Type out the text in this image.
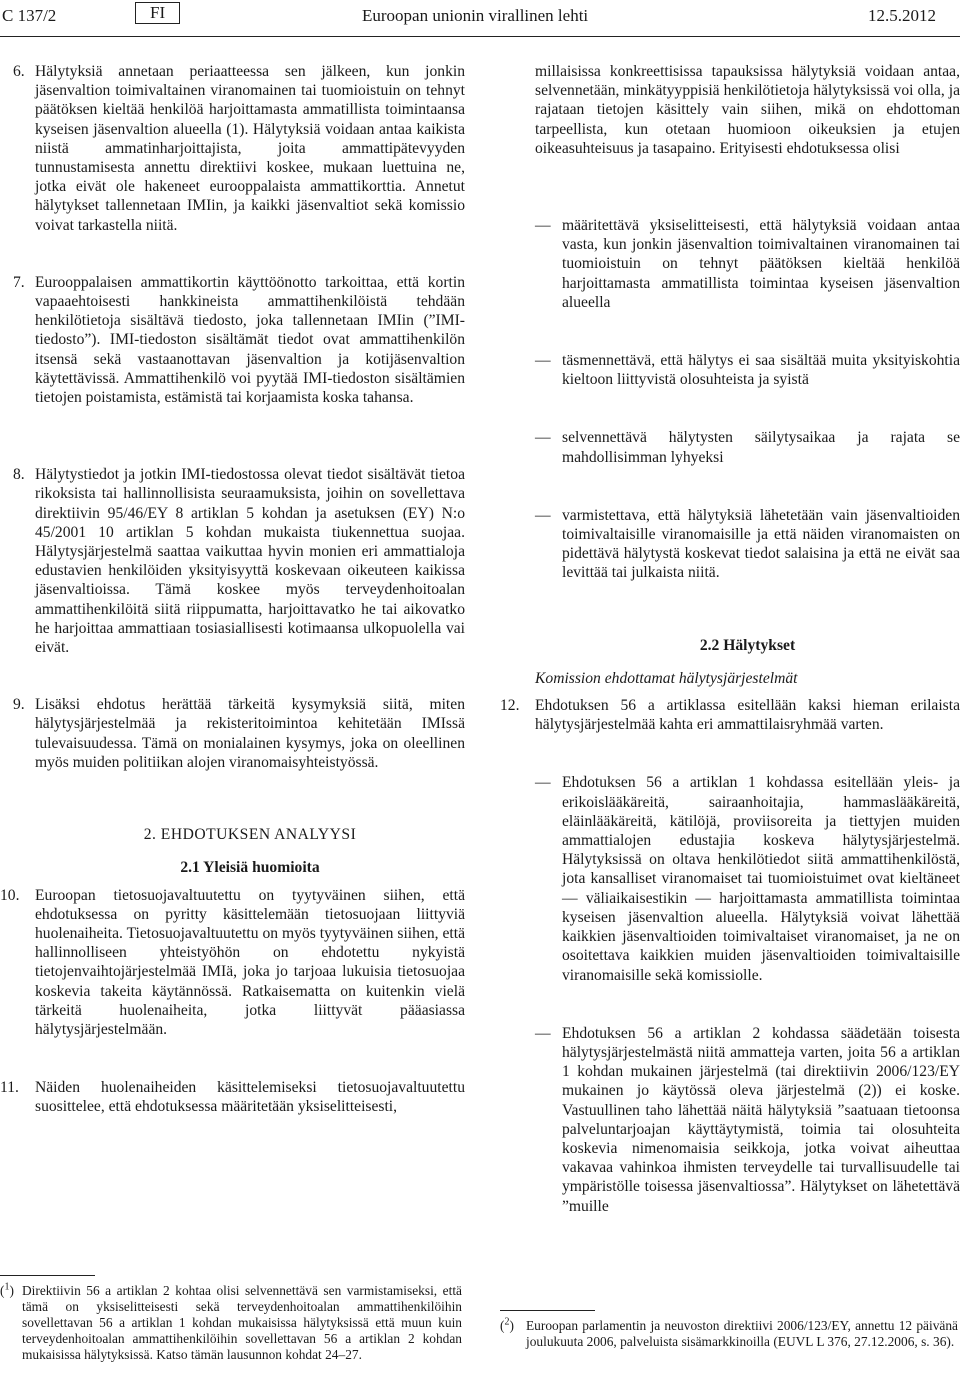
C 137/2	FI	Euroopan unionin virallinen lehti	12.5.2012
6. Hälytyksiä annetaan periaatteessa sen jälkeen, kun jonkin jäsenvaltion toimivaltainen viranomainen tai tuomioistuin on tehnyt päätöksen kieltää henkilöä harjoittamasta ammatillista toimintaansa kyseisen jäsenvaltion alueella (1). Hälytyksiä voidaan antaa kaikista niistä ammatinharjoittajista, joita ammattipätevyyden tunnustamisesta annettu direktiivi koskee, mukaan luettuina ne, jotka eivät ole hakeneet eurooppalaista ammattikorttia. Annetut hälytykset tallennetaan IMIin, ja kaikki jäsenvaltiot sekä komissio voivat tarkastella niitä.
7. Eurooppalaisen ammattikortin käyttöönotto tarkoittaa, että kortin vapaaehtoisesti hankkineista ammattihenkilöistä tehdään henkilötietoja sisältävä tiedosto, joka tallennetaan IMIin (”IMI-tiedosto”). IMI-tiedoston sisältämät tiedot ovat ammattihenkilön itsensä sekä vastaanottavan jäsenvaltion ja kotijäsenvaltion käytettävissä. Ammattihenkilö voi pyytää IMI-tiedoston sisältämien tietojen poistamista, estämistä tai korjaamista koska tahansa.
8. Hälytystiedot ja jotkin IMI-tiedostossa olevat tiedot sisältävät tietoa rikoksista tai hallinnollisista seuraamuksista, joihin on sovellettava direktiivin 95/46/EY 8 artiklan 5 kohdan ja asetuksen (EY) N:o 45/2001 10 artiklan 5 kohdan mukaista tiukennettua suojaa. Hälytysjärjestelmä saattaa vaikuttaa hyvin monien eri ammattialoja edustavien henkilöiden yksityisyyttä koskevaan oikeuteen kaikissa jäsenvaltioissa. Tämä koskee myös terveydenhoitoalan ammattihenkilöitä siitä riippumatta, harjoittavatko he tai aikovatko he harjoittaa ammattiaan tosiasiallisesti kotimaansa ulkopuolella vai eivät.
9. Lisäksi ehdotus herättää tärkeitä kysymyksiä siitä, miten hälytysjärjestelmää ja rekisteritoimintoa kehitetään IMIssä tulevaisuudessa. Tämä on monialainen kysymys, joka on oleellinen myös muiden politiikan alojen viranomaisyhteistyössä.

2. EHDOTUKSEN ANALYYSI

2.1 Yleisiä huomioita

10. Euroopan tietosuojavaltuutettu on tyytyväinen siihen, että ehdotuksessa on pyritty käsittelemään tietosuojaan liittyviä huolenaiheita. Tietosuojavaltuutettu on myös tyytyväinen siihen, että hallinnolliseen yhteistyöhön on ehdotettu nykyistä tietojenvaihtojärjestelmää IMIä, joka jo tarjoaa lukuisia tietosuojaa koskevia takeita käytännössä. Ratkaisematta on kuitenkin vielä tärkeitä huolenaiheita, jotka liittyvät pääasiassa hälytysjärjestelmään.
11. Näiden huolenaiheiden käsittelemiseksi tietosuojavaltuutettu suosittelee, että ehdotuksessa määritetään yksiselitteisesti,
($^1$) Direktiivin 56 a artiklan 2 kohtaa olisi selvennettävä sen varmistamiseksi, että tämä on yksiselitteisesti sekä terveydenhoitoalan ammattihenkilöihin sovellettavan 56 a artiklan 1 kohdan mukaisissa hälytyksissä että muun kuin terveydenhoitoalan ammattihenkilöihin sovellettavan 56 a artiklan 2 kohdan mukaisissa hälytyksissä. Katso tämän lausunnon kohdat 24–27.

millaisissa konkreettisissa tapauksissa hälytyksiä voidaan antaa, selvennetään, minkätyyppisiä henkilötietoja hälytyksissä voi olla, ja rajataan tietojen käsittely vain siihen, mikä on ehdottoman tarpeellista, kun otetaan huomioon oikeuksien ja etujen oikeasuhteisuus ja tasapaino. Erityisesti ehdotuksessa olisi

— määritettävä yksiselitteisesti, että hälytyksiä voidaan antaa vasta, kun jonkin jäsenvaltion toimivaltainen viranomainen tai tuomioistuin on tehnyt päätöksen kieltää henkilöä harjoittamasta ammatillista toimintaa kyseisen jäsenvaltion alueella
— täsmennettävä, että hälytys ei saa sisältää muita yksityiskohtia kieltoon liittyvistä olosuhteista ja syistä
— selvennettävä hälytysten säilytysaikaa ja rajata se mahdollisimman lyhyeksi
— varmistettava, että hälytyksiä lähetetään vain jäsenvaltioiden toimivaltaisille viranomaisille ja että näiden viranomaisten on pidettävä hälytystä koskevat tiedot salaisina ja että ne eivät saa levittää tai julkaista niitä.

2.2 Hälytykset

Komission ehdottamat hälytysjärjestelmät

12. Ehdotuksen 56 a artiklassa esitellään kaksi hieman erilaista hälytysjärjestelmää kahta eri ammattilaisryhmää varten.
— Ehdotuksen 56 a artiklan 1 kohdassa esitellään yleis- ja erikoislääkäreitä, sairaanhoitajia, hammaslääkäreitä, eläinlääkäreitä, kätilöjä, proviisoreita ja tiettyjen muiden ammattialojen edustajia koskeva hälytysjärjestelmä. Hälytyksissä on oltava henkilötiedot siitä ammattihenkilöstä, jota kansalliset viranomaiset tai tuomioistuimet ovat kieltäneet — väliaikaisestikin — harjoittamasta ammatillista toimintaa kyseisen jäsenvaltion alueella. Hälytyksiä voivat lähettää kaikkien jäsenvaltioiden toimivaltaiset viranomaiset, ja ne on osoitettava kaikkien muiden jäsenvaltioiden toimivaltaisille viranomaisille sekä komissiolle.
— Ehdotuksen 56 a artiklan 2 kohdassa säädetään toisesta hälytysjärjestelmästä niitä ammatteja varten, joita 56 a artiklan 1 kohdan mukainen järjestelmä (tai direktiivin 2006/123/EY mukainen jo käytössä oleva järjestelmä (2)) ei koske. Vastuullinen taho lähettää näitä hälytyksiä ”saatuaan tietoonsa palveluntarjoajan käyttäytymistä, toimia tai olosuhteita koskevia nimenomaisia seikkoja, jotka voivat aiheuttaa vakavaa vahinkoa ihmisten terveydelle tai turvallisuudelle tai ympäristölle toisessa jäsenvaltiossa”. Hälytykset on lähetettävä ”muille
($^2$) Euroopan parlamentin ja neuvoston direktiivi 2006/123/EY, annettu 12 päivänä joulukuuta 2006, palveluista sisämarkkinoilla (EUVL L 376, 27.12.2006, s. 36).
